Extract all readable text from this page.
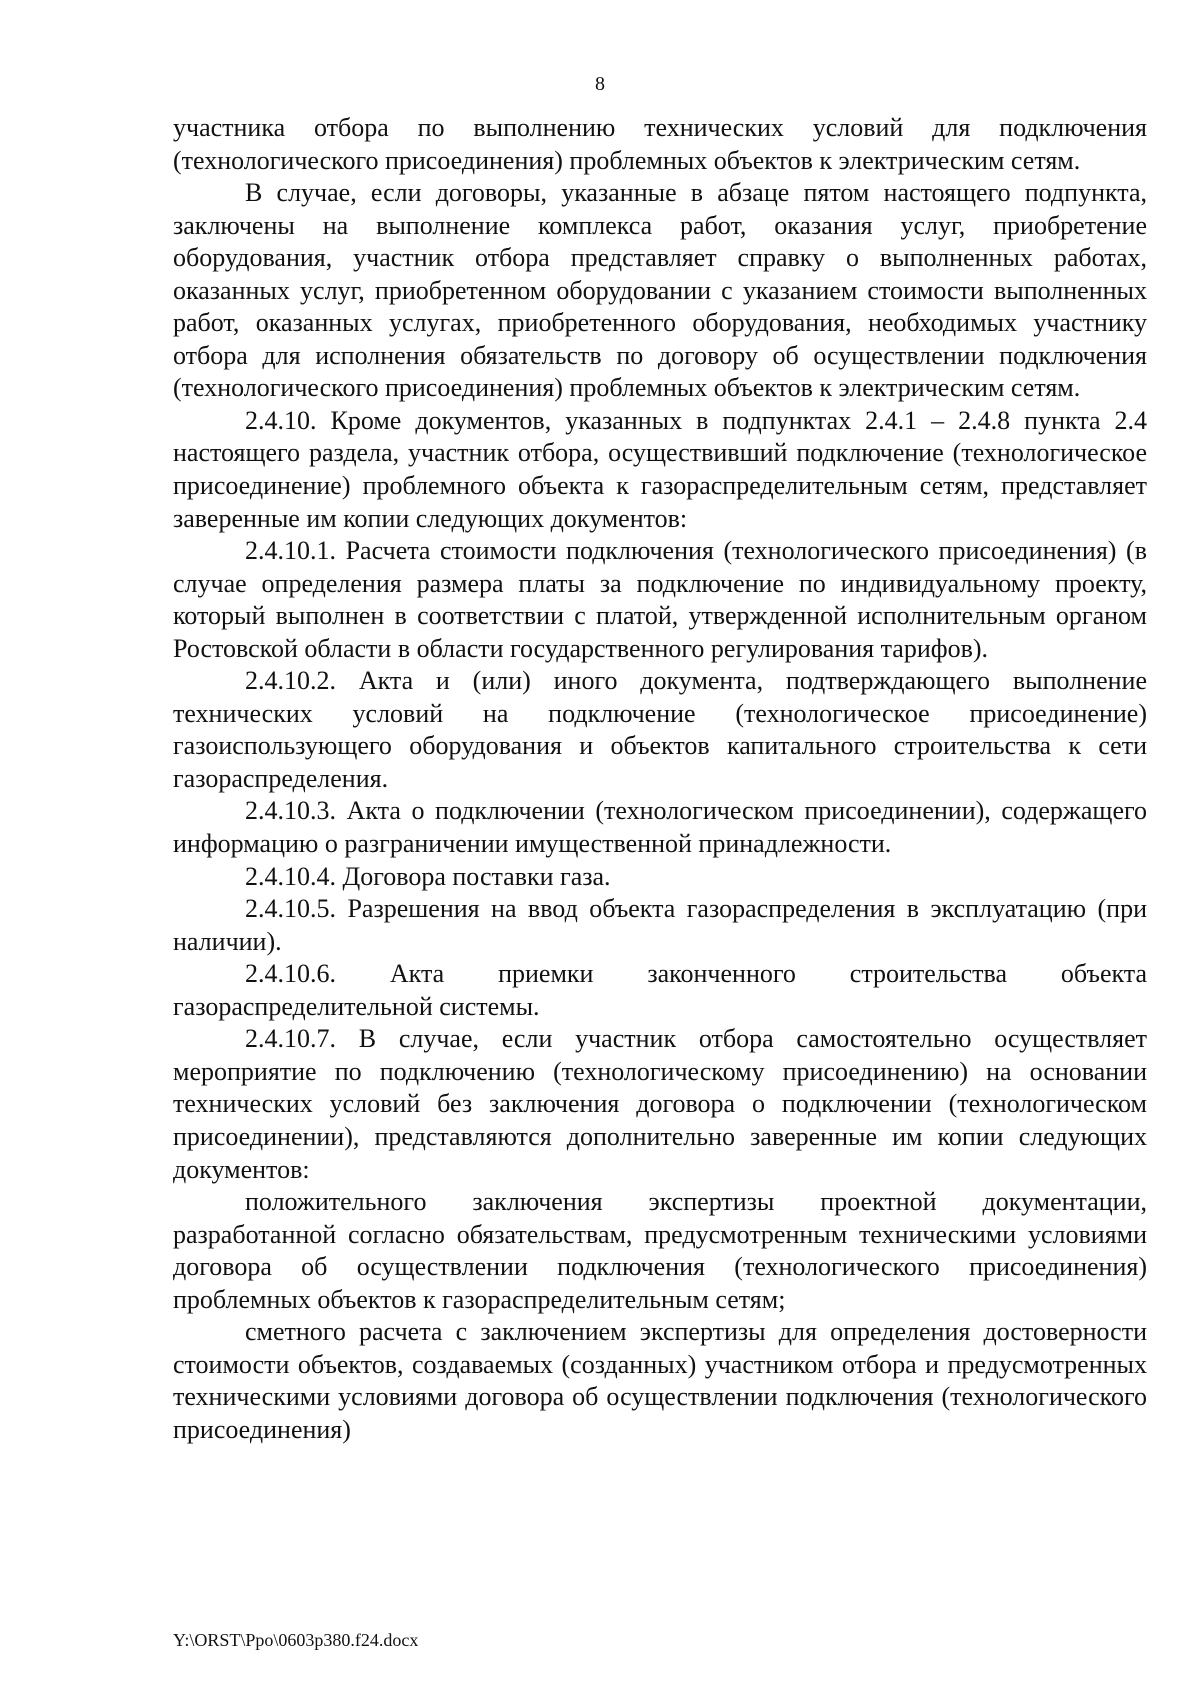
8

участника отбора по выполнению технических условий для подключения (технологического присоединения) проблемных объектов к электрическим сетям.

В случае, если договоры, указанные в абзаце пятом настоящего подпункта, заключены на выполнение комплекса работ, оказания услуг, приобретение оборудования, участник отбора представляет справку о выполненных работах, оказанных услуг, приобретенном оборудовании с указанием стоимости выполненных работ, оказанных услугах, приобретенного оборудования, необходимых участнику отбора для исполнения обязательств по договору об осуществлении подключения (технологического присоединения) проблемных объектов к электрическим сетям.

2.4.10. Кроме документов, указанных в подпунктах 2.4.1 – 2.4.8 пункта 2.4 настоящего раздела, участник отбора, осуществивший подключение (технологическое присоединение) проблемного объекта к газораспределительным сетям, представляет заверенные им копии следующих документов:

2.4.10.1. Расчета стоимости подключения (технологического присоединения) (в случае определения размера платы за подключение по индивидуальному проекту, который выполнен в соответствии с платой, утвержденной исполнительным органом Ростовской области в области государственного регулирования тарифов).

2.4.10.2. Акта и (или) иного документа, подтверждающего выполнение технических условий на подключение (технологическое присоединение) газоиспользующего оборудования и объектов капитального строительства к сети газораспределения.

2.4.10.3. Акта о подключении (технологическом присоединении), содержащего информацию о разграничении имущественной принадлежности.

2.4.10.4. Договора поставки газа.

2.4.10.5. Разрешения на ввод объекта газораспределения в эксплуатацию (при наличии).

2.4.10.6. Акта приемки законченного строительства объекта газораспределительной системы.

2.4.10.7. В случае, если участник отбора самостоятельно осуществляет мероприятие по подключению (технологическому присоединению) на основании технических условий без заключения договора о подключении (технологическом присоединении), представляются дополнительно заверенные им копии следующих документов:

положительного заключения экспертизы проектной документации, разработанной согласно обязательствам, предусмотренным техническими условиями договора об осуществлении подключения (технологического присоединения) проблемных объектов к газораспределительным сетям;

сметного расчета с заключением экспертизы для определения достоверности стоимости объектов, создаваемых (созданных) участником отбора и предусмотренных техническими условиями договора об осуществлении подключения (технологического присоединения)

Y:\ORST\Ppo\0603p380.f24.docx
